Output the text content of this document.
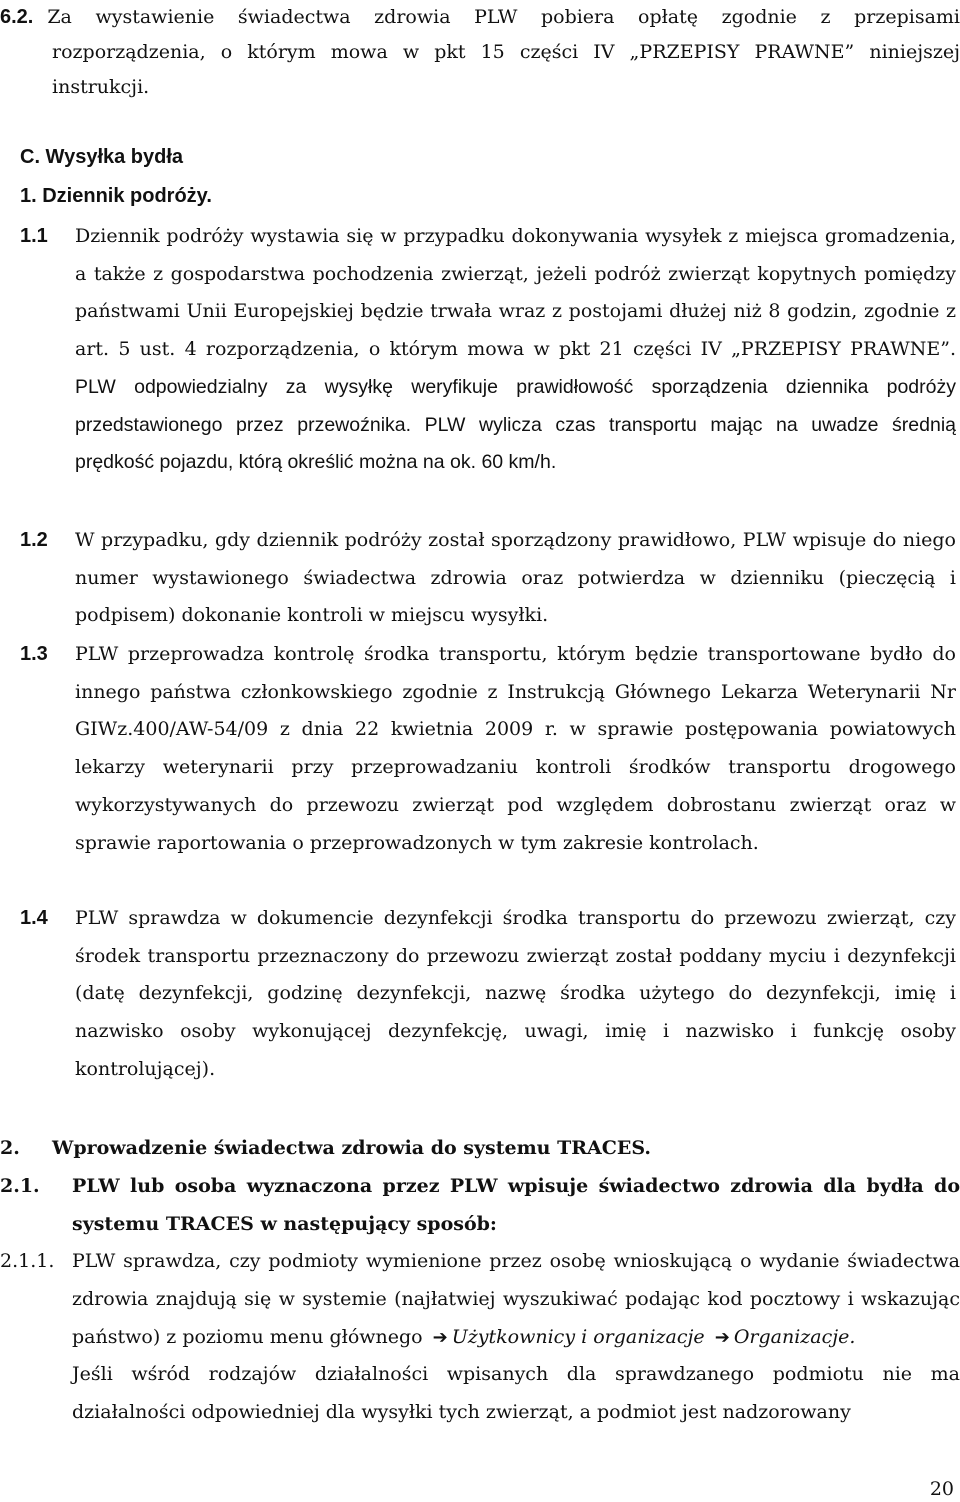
6.2. Za wystawienie świadectwa zdrowia PLW pobiera opłatę zgodnie z przepisami
rozporządzenia, o którym mowa w pkt 15 części IV „PRZEPISY PRAWNE” niniejszej
instrukcji.
C. Wysyłka bydła
1. Dziennik podróży.
1.1 Dziennik podróży wystawia się w przypadku dokonywania wysyłek z miejsca gromadzenia, a także z gospodarstwa pochodzenia zwierząt, jeżeli podróż zwierząt kopytnych pomiędzy państwami Unii Europejskiej będzie trwała wraz z postojami dłużej niż 8 godzin, zgodnie z art. 5 ust. 4 rozporządzenia, o którym mowa w pkt 21 części IV „PRZEPISY PRAWNE”. PLW odpowiedzialny za wysyłkę weryfikuje prawidłowość sporządzenia dziennika podróży przedstawionego przez przewoźnika. PLW wylicza czas transportu mając na uwadze średnią prędkość pojazdu, którą określić można na ok. 60 km/h.
1.2 W przypadku, gdy dziennik podróży został sporządzony prawidłowo, PLW wpisuje do niego numer wystawionego świadectwa zdrowia oraz potwierdza w dzienniku (pieczęcią i podpisem) dokonanie kontroli w miejscu wysyłki.
1.3 PLW przeprowadza kontrolę środka transportu, którym będzie transportowane bydło do innego państwa członkowskiego zgodnie z Instrukcją Głównego Lekarza Weterynarii Nr GIWz.400/AW-54/09 z dnia 22 kwietnia 2009 r. w sprawie postępowania powiatowych lekarzy weterynarii przy przeprowadzaniu kontroli środków transportu drogowego wykorzystywanych do przewozu zwierząt pod względem dobrostanu zwierząt oraz w sprawie raportowania o przeprowadzonych w tym zakresie kontrolach.
1.4 PLW sprawdza w dokumencie dezynfekcji środka transportu do przewozu zwierząt, czy środek transportu przeznaczony do przewozu zwierząt został poddany myciu i dezynfekcji (datę dezynfekcji, godzinę dezynfekcji, nazwę środka użytego do dezynfekcji, imię i nazwisko osoby wykonującej dezynfekcję, uwagi, imię i nazwisko i funkcję osoby kontrolującej).
2. Wprowadzenie świadectwa zdrowia do systemu TRACES.
2.1. PLW lub osoba wyznaczona przez PLW wpisuje świadectwo zdrowia dla bydła do systemu TRACES w następujący sposób:
2.1.1. PLW sprawdza, czy podmioty wymienione przez osobę wnioskującą o wydanie świadectwa zdrowia znajdują się w systemie (najłatwiej wyszukiwać podając kod pocztowy i wskazując państwo) z poziomu menu głównego ➔ Użytkownicy i organizacje ➔ Organizacje.
Jeśli wśród rodzajów działalności wpisanych dla sprawdzanego podmiotu nie ma działalności odpowiedniej dla wysyłki tych zwierząt, a podmiot jest nadzorowany
20
